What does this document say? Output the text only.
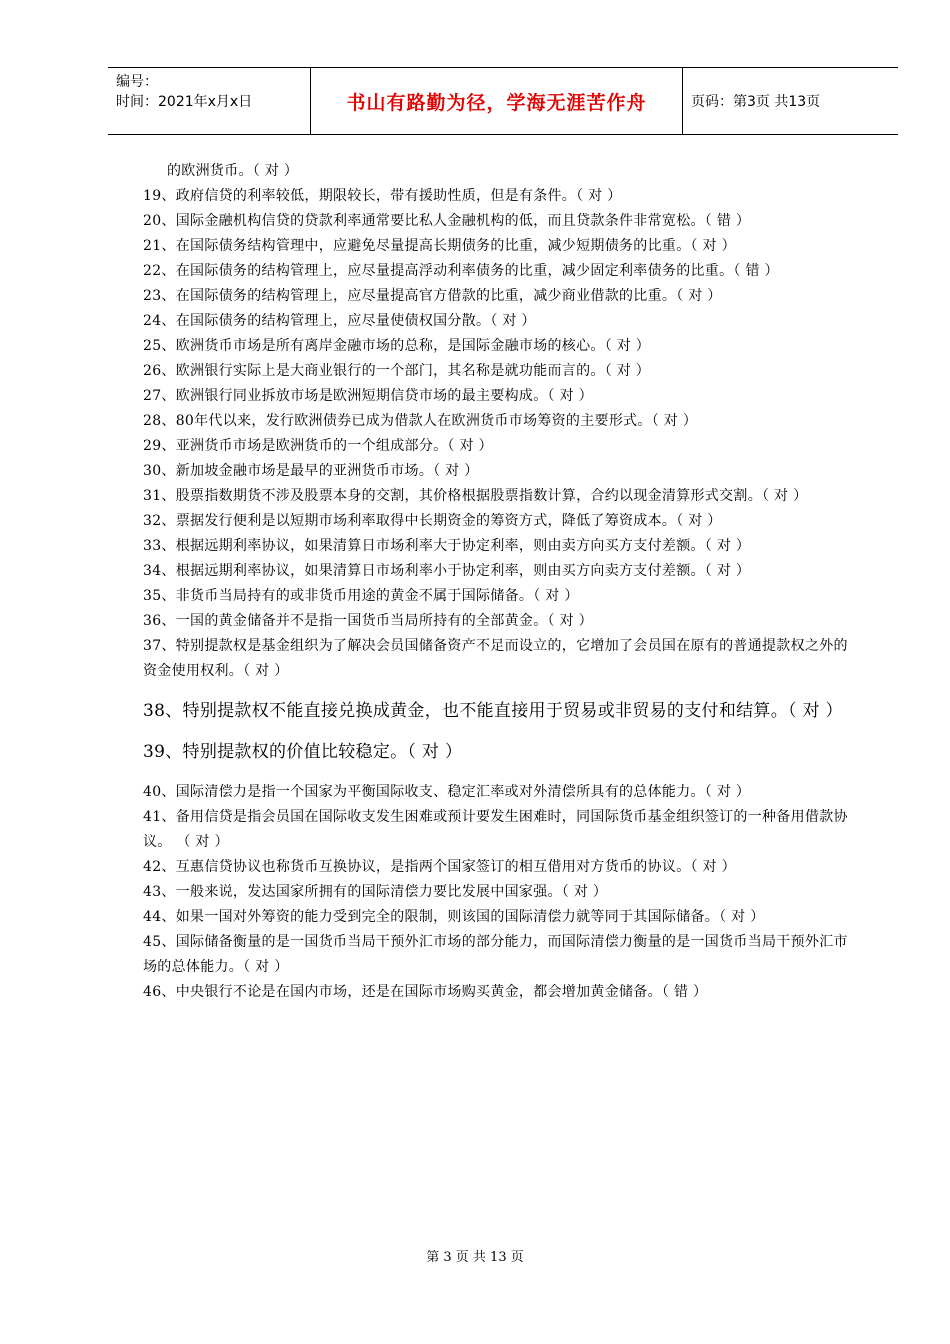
编号：
时间：2021年x月x日	书山有路勤为径，学海无涯苦作舟	页码：第3页 共13页
的欧洲货币。（ 对 ）
19、政府信贷的利率较低，期限较长，带有援助性质，但是有条件。（ 对 ）
20、国际金融机构信贷的贷款利率通常要比私人金融机构的低，而且贷款条件非常宽松。（ 错 ）
21、在国际债务结构管理中，应避免尽量提高长期债务的比重，减少短期债务的比重。（ 对 ）
22、在国际债务的结构管理上，应尽量提高浮动利率债务的比重，减少固定利率债务的比重。（ 错 ）
23、在国际债务的结构管理上，应尽量提高官方借款的比重，减少商业借款的比重。（ 对 ）
24、在国际债务的结构管理上，应尽量使债权国分散。（ 对 ）
25、欧洲货币市场是所有离岸金融市场的总称，是国际金融市场的核心。（ 对 ）
26、欧洲银行实际上是大商业银行的一个部门，其名称是就功能而言的。（ 对 ）
27、欧洲银行同业拆放市场是欧洲短期信贷市场的最主要构成。（ 对 ）
28、80年代以来，发行欧洲债券已成为借款人在欧洲货币市场筹资的主要形式。（ 对 ）
29、亚洲货币市场是欧洲货币的一个组成部分。（ 对 ）
30、新加坡金融市场是最早的亚洲货币市场。（ 对 ）
31、股票指数期货不涉及股票本身的交割，其价格根据股票指数计算，合约以现金清算形式交割。（ 对 ）
32、票据发行便利是以短期市场利率取得中长期资金的筹资方式，降低了筹资成本。（ 对 ）
33、根据远期利率协议，如果清算日市场利率大于协定利率，则由卖方向买方支付差额。（ 对 ）
34、根据远期利率协议，如果清算日市场利率小于协定利率，则由买方向卖方支付差额。（ 对 ）
35、非货币当局持有的或非货币用途的黄金不属于国际储备。（ 对 ）
36、一国的黄金储备并不是指一国货币当局所持有的全部黄金。（ 对 ）
37、特别提款权是基金组织为了解决会员国储备资产不足而设立的，它增加了会员国在原有的普通提款权之外的资金使用权利。（ 对 ）
38、特别提款权不能直接兑换成黄金，也不能直接用于贸易或非贸易的支付和结算。（ 对 ）
39、特别提款权的价值比较稳定。（ 对 ）
40、国际清偿力是指一个国家为平衡国际收支、稳定汇率或对外清偿所具有的总体能力。（ 对 ）
41、备用信贷是指会员国在国际收支发生困难或预计要发生困难时，同国际货币基金组织签订的一种备用借款协议。 （ 对 ）
42、互惠信贷协议也称货币互换协议，是指两个国家签订的相互借用对方货币的协议。（ 对 ）
43、一般来说，发达国家所拥有的国际清偿力要比发展中国家强。（ 对 ）
44、如果一国对外筹资的能力受到完全的限制，则该国的国际清偿力就等同于其国际储备。（ 对 ）
45、国际储备衡量的是一国货币当局干预外汇市场的部分能力，而国际清偿力衡量的是一国货币当局干预外汇市场的总体能力。（ 对 ）
46、中央银行不论是在国内市场，还是在国际市场购买黄金，都会增加黄金储备。（ 错 ）
第 3 页 共 13 页
